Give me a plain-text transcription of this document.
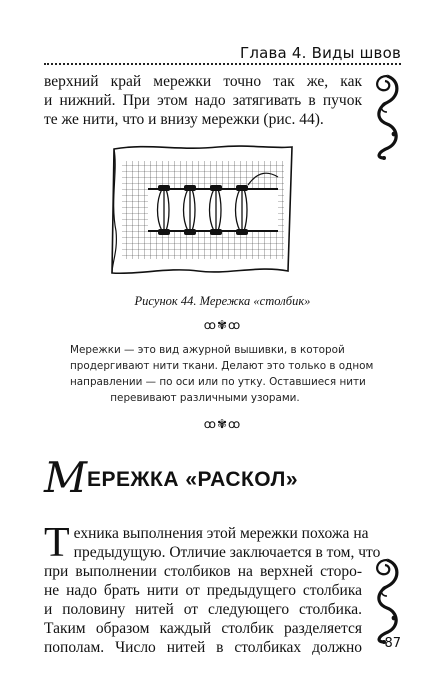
Глава 4. Виды швов
верхний край мережки точно так же, как
и нижний. При этом надо затягивать в пучок
те же нити, что и внизу мережки (рис. 44).
Рисунок 44. Мережка «столбик»
ꝏ✾ꝏ
Мережки — это вид ажурной вышивки, в которой
продергивают нити ткани. Делают это только в одном
направлении — по оси или по утку. Оставшиеся нити
перевивают различными узорами.
ꝏ✾ꝏ
МЕРЕЖКА «РАСКОЛ»
Т ехника выполнения этой мережки похожа на
предыдущую. Отличие заключается в том, что
при выполнении столбиков на верхней сторо-
не надо брать нити от предыдущего столбика
и половину нитей от следующего столбика.
Таким образом каждый столбик разделяется
пополам. Число нитей в столбиках должно 87
